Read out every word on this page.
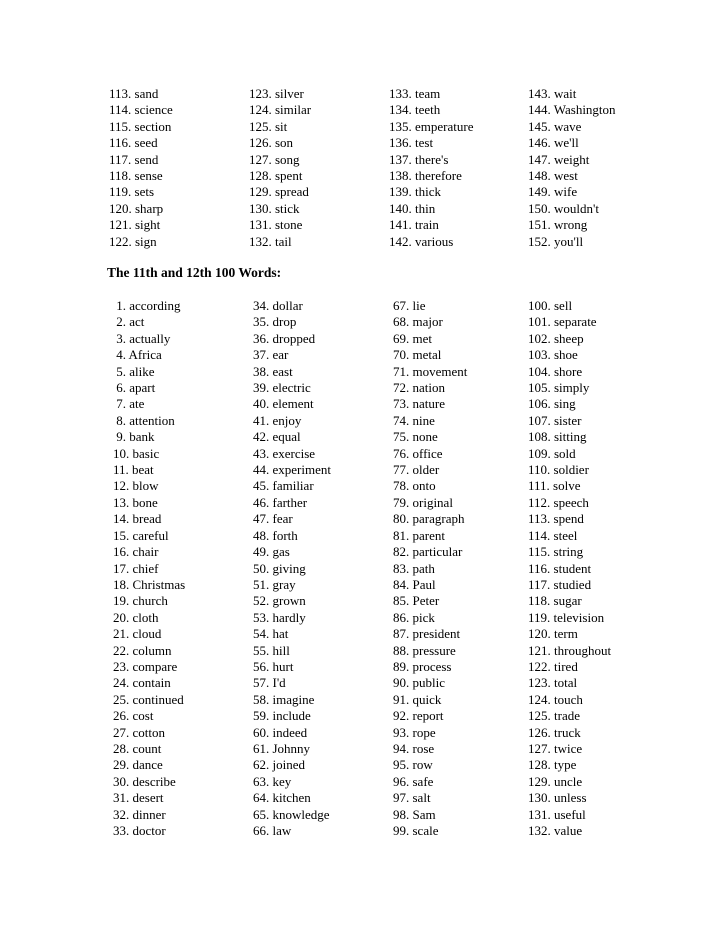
113. sand

114. science

115. section

116. seed

117. send

118. sense

119. sets

120. sharp

121. sight

122. sign

123. silver

124. similar

125. sit

126. son

127. song

128. spent

129. spread

130. stick

131. stone

132. tail

133. team

134. teeth

135. emperature

136. test

137. there's

138. therefore

139. thick

140. thin

141. train

142. various

143. wait

144. Washington

145. wave

146. we'll

147. weight

148. west

149. wife

150. wouldn't

151. wrong

152. you'll

The 11th and 12th 100 Words:

1. according

2. act

3. actually

4. Africa

5. alike

6. apart

7. ate

8. attention

9. bank

10. basic

11. beat

12. blow

13. bone

14. bread

15. careful

16. chair

17. chief

18. Christmas

19. church

20. cloth

21. cloud

22. column

23. compare

24. contain

25. continued

26. cost

27. cotton

28. count

29. dance

30. describe

31. desert

32. dinner

33. doctor

34. dollar

35. drop

36. dropped

37. ear

38. east

39. electric

40. element

41. enjoy

42. equal

43. exercise

44. experiment

45. familiar

46. farther

47. fear

48. forth

49. gas

50. giving

51. gray

52. grown

53. hardly

54. hat

55. hill

56. hurt

57. I'd

58. imagine

59. include

60. indeed

61. Johnny

62. joined

63. key

64. kitchen

65. knowledge

66. law

67. lie

68. major

69. met

70. metal

71. movement

72. nation

73. nature

74. nine

75. none

76. office

77. older

78. onto

79. original

80. paragraph

81. parent

82. particular

83. path

84. Paul

85. Peter

86. pick

87. president

88. pressure

89. process

90. public

91. quick

92. report

93. rope

94. rose

95. row

96. safe

97. salt

98. Sam

99. scale

100. sell

101. separate

102. sheep

103. shoe

104. shore

105. simply

106. sing

107. sister

108. sitting

109. sold

110. soldier

111. solve

112. speech

113. spend

114. steel

115. string

116. student

117. studied

118. sugar

119. television

120. term

121. throughout

122. tired

123. total

124. touch

125. trade

126. truck

127. twice

128. type

129. uncle

130. unless

131. useful

132. value
